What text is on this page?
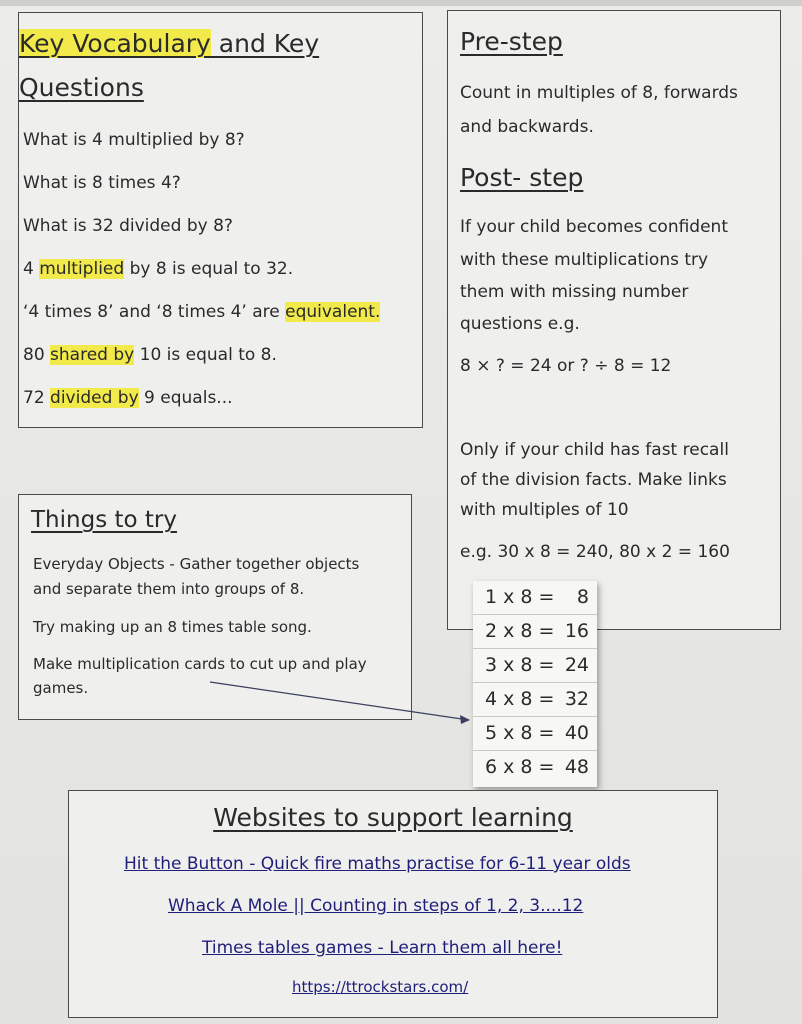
Key Vocabulary and Key
Questions
What is 4 multiplied by 8?
What is 8 times 4?
What is 32 divided by 8?
4 multiplied by 8 is equal to 32.
‘4 times 8’ and ‘8 times 4’ are equivalent.
80 shared by 10 is equal to 8.
72 divided by 9 equals...
Pre-step
Count in multiples of 8, forwards
and backwards.
Post- step
If your child becomes confident
with these multiplications try
them with missing number
questions e.g.
8 × ? = 24 or ? ÷ 8 = 12
Only if your child has fast recall
of the division facts. Make links
with multiples of 10
e.g. 30 x 8 = 240, 80 x 2 = 160
Things to try
Everyday Objects - Gather together objects
and separate them into groups of 8.
Try making up an 8 times table song.
Make multiplication cards to cut up and play
games.
1 x 8 = 8
2 x 8 = 16
3 x 8 = 24
4 x 8 = 32
5 x 8 = 40
6 x 8 = 48
Websites to support learning
Hit the Button - Quick fire maths practise for 6-11 year olds
Whack A Mole || Counting in steps of 1, 2, 3....12
Times tables games - Learn them all here!
https://ttrockstars.com/
